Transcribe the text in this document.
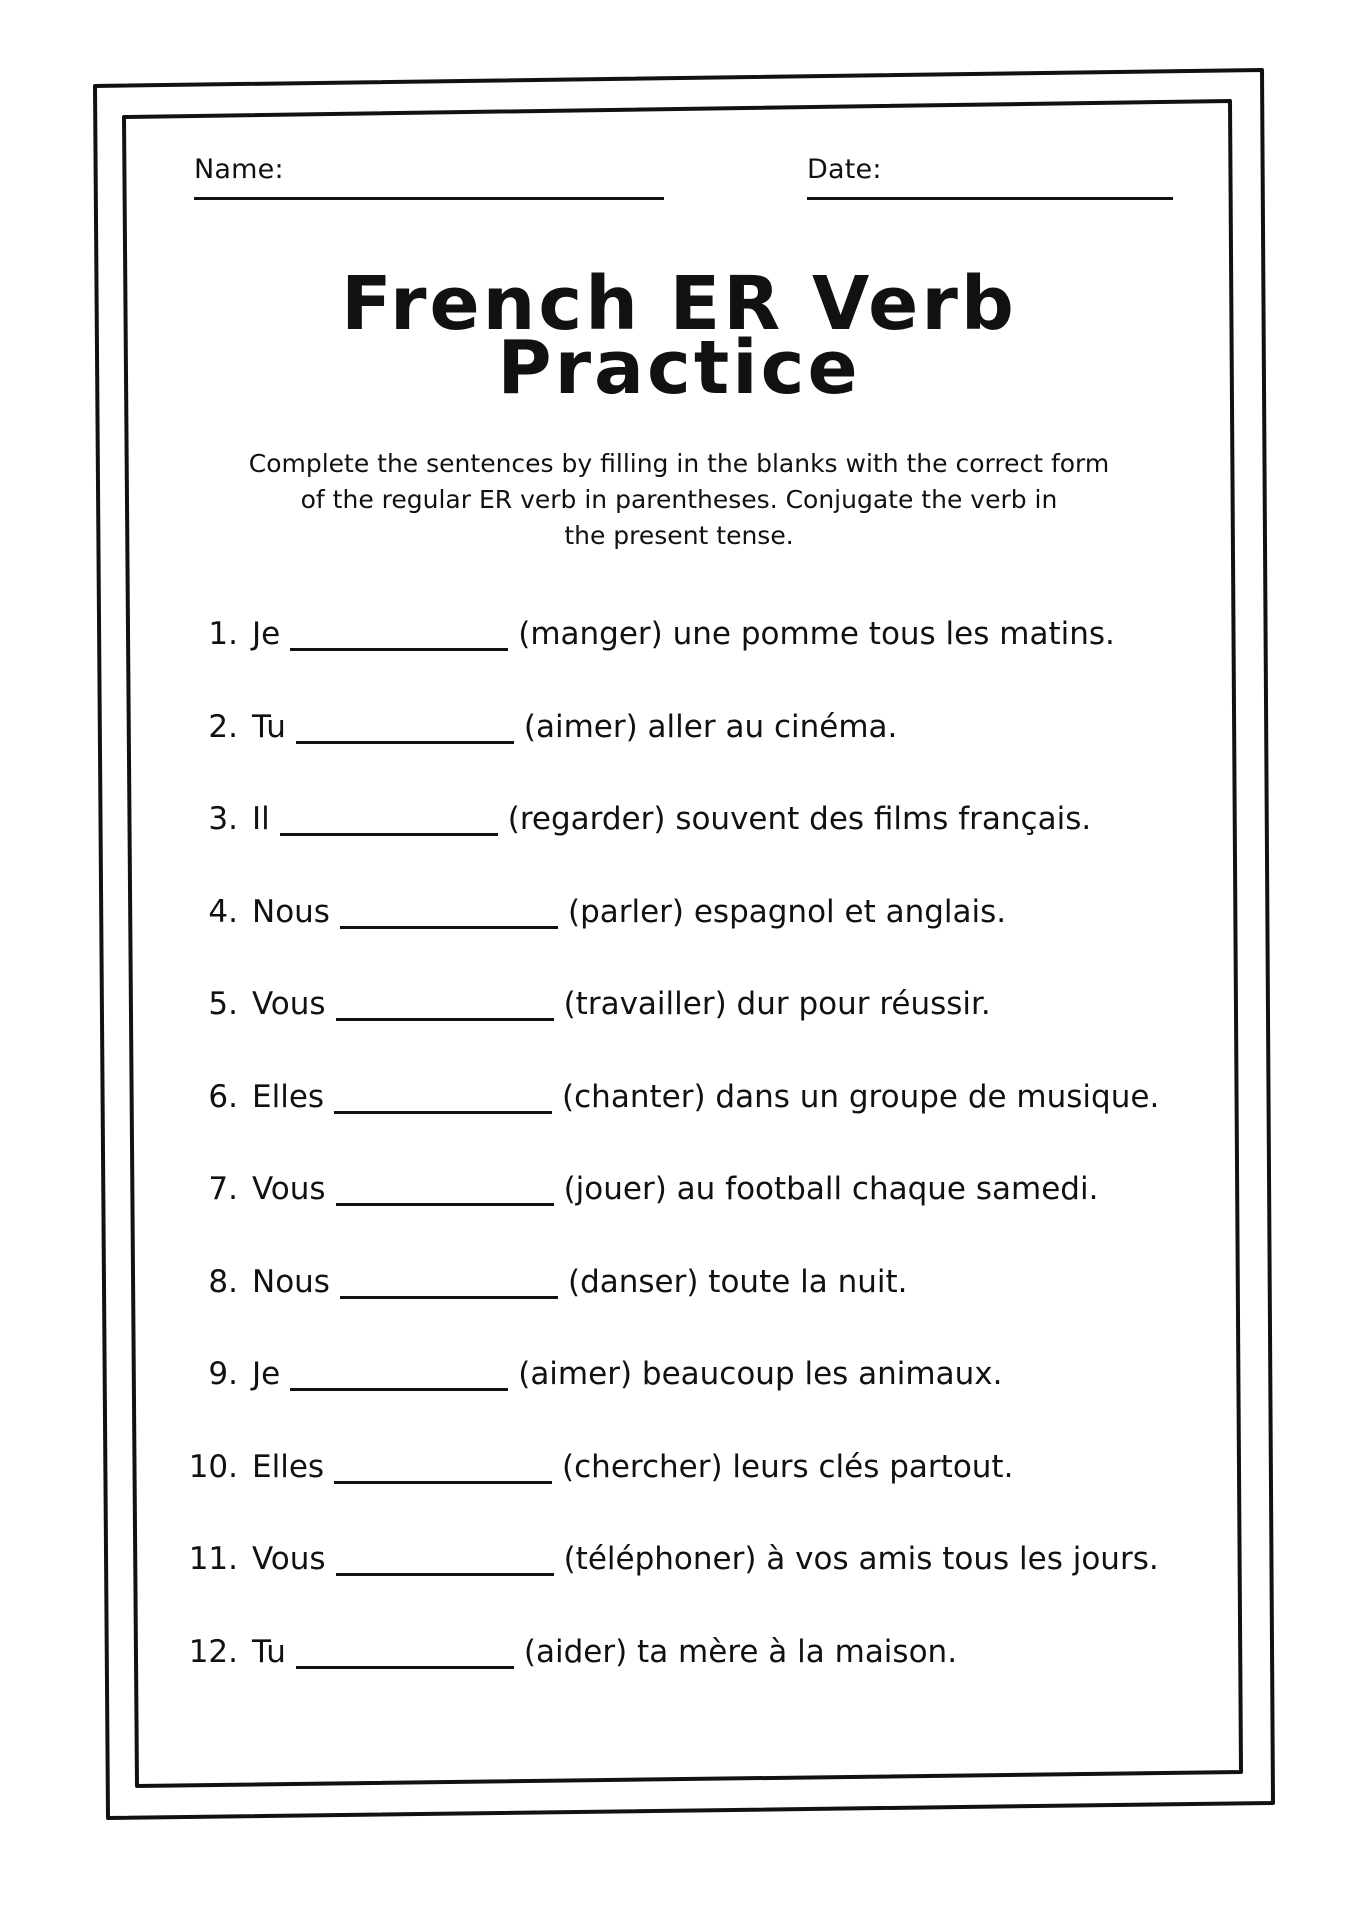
Name:	Date:
French ER Verb
Practice
Complete the sentences by filling in the blanks with the correct form
of the regular ER verb in parentheses. Conjugate the verb in
the present tense.
1. Je	(manger) une pomme tous les matins.
2. Tu	(aimer) aller au cinéma.
3. Il	(regarder) souvent des films français.
4. Nous	(parler) espagnol et anglais.
5. Vous	(travailler) dur pour réussir.
6. Elles	(chanter) dans un groupe de musique.
7. Vous	(jouer) au football chaque samedi.
8. Nous	(danser) toute la nuit.
9. Je	(aimer) beaucoup les animaux.
10. Elles	(chercher) leurs clés partout.
11. Vous	(téléphoner) à vos amis tous les jours.
12. Tu	(aider) ta mère à la maison.
